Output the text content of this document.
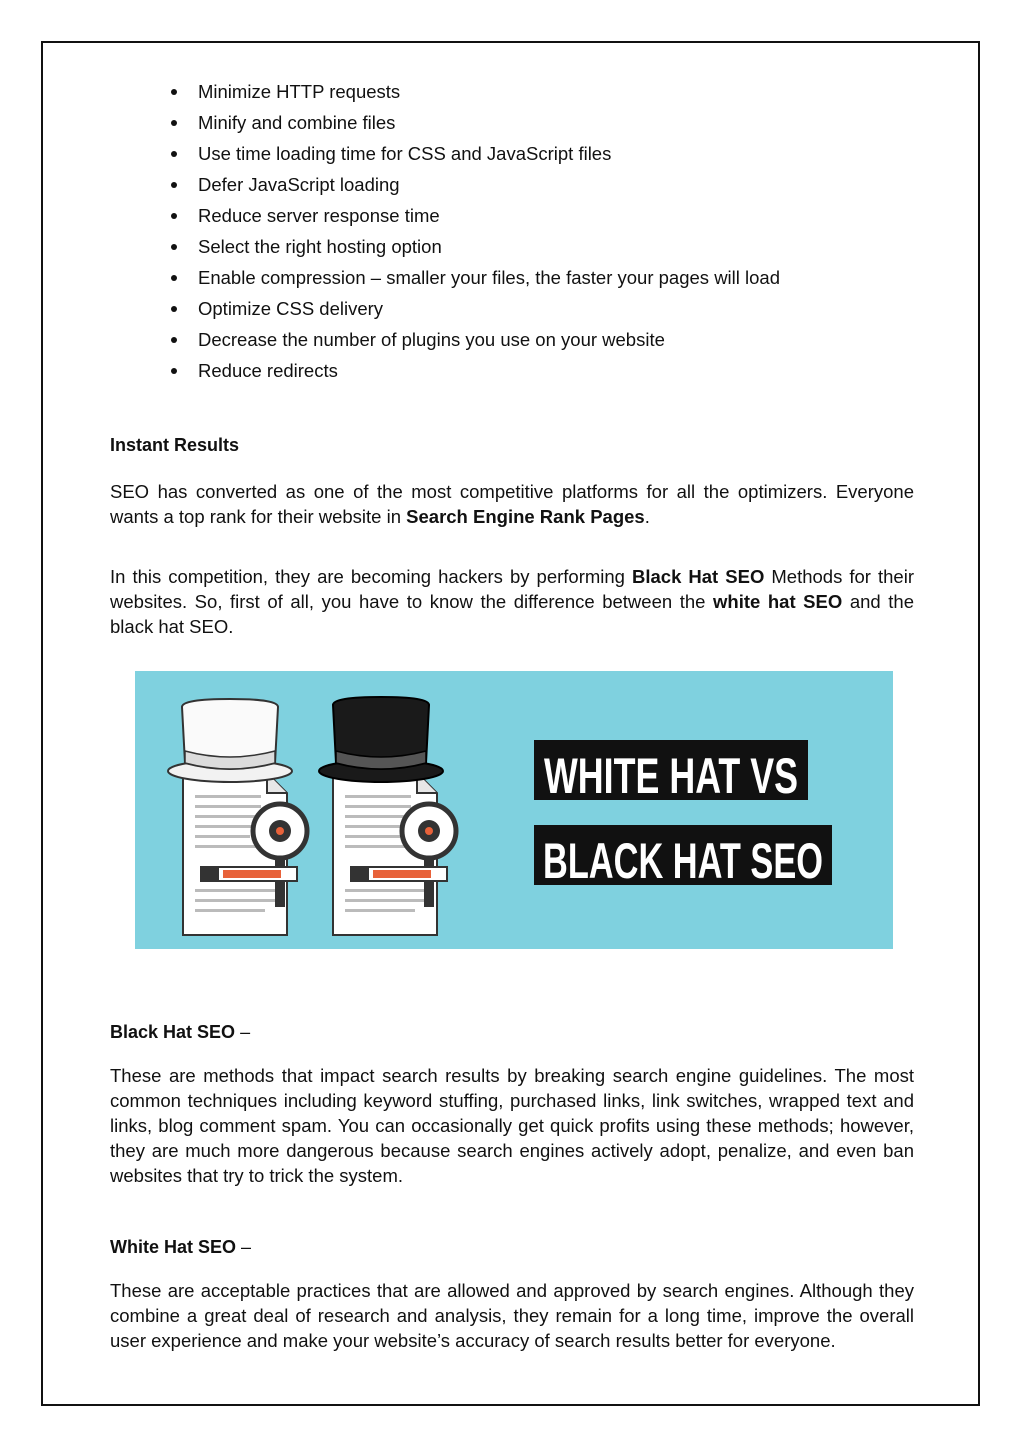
Minimize HTTP requests
Minify and combine files
Use time loading time for CSS and JavaScript files
Defer JavaScript loading
Reduce server response time
Select the right hosting option
Enable compression – smaller your files, the faster your pages will load
Optimize CSS delivery
Decrease the number of plugins you use on your website
Reduce redirects
Instant Results

SEO has converted as one of the most competitive platforms for all the optimizers. Everyone wants a top rank for their website in Search Engine Rank Pages.

In this competition, they are becoming hackers by performing Black Hat SEO Methods for their websites. So, first of all, you have to know the difference between the white hat SEO and the black hat SEO.

WHITE HAT VS
BLACK HAT SEO
Black Hat SEO –

These are methods that impact search results by breaking search engine guidelines. The most common techniques including keyword stuffing, purchased links, link switches, wrapped text and links, blog comment spam. You can occasionally get quick profits using these methods; however, they are much more dangerous because search engines actively adopt, penalize, and even ban websites that try to trick the system.

White Hat SEO –

These are acceptable practices that are allowed and approved by search engines. Although they combine a great deal of research and analysis, they remain for a long time, improve the overall user experience and make your website’s accuracy of search results better for everyone.
